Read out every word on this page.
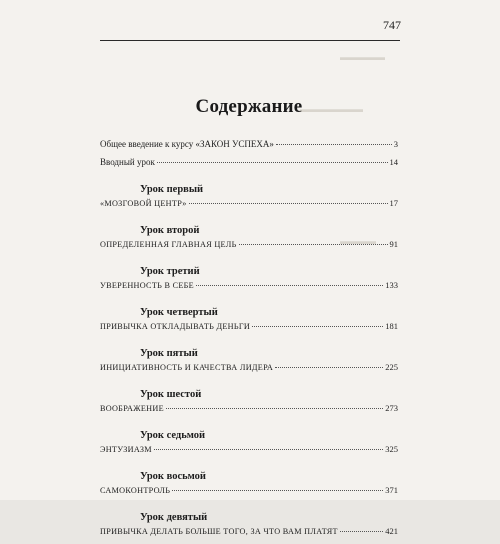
747
▬▬▬▬▬
▬▬▬▬▬▬▬
▬▬▬▬
Содержание
Общее введение к курсу «ЗАКОН УСПЕХА»	3
Вводный урок	14
Урок первый
«МОЗГОВОЙ ЦЕНТР»	17
Урок второй
ОПРЕДЕЛЕННАЯ ГЛАВНАЯ ЦЕЛЬ	91
Урок третий
УВЕРЕННОСТЬ В СЕБЕ	133
Урок четвертый
ПРИВЫЧКА ОТКЛАДЫВАТЬ ДЕНЬГИ	181
Урок пятый
ИНИЦИАТИВНОСТЬ И КАЧЕСТВА ЛИДЕРА	225
Урок шестой
ВООБРАЖЕНИЕ	273
Урок седьмой
ЭНТУЗИАЗМ	325
Урок восьмой
САМОКОНТРОЛЬ	371
Урок девятый
ПРИВЫЧКА ДЕЛАТЬ БОЛЬШЕ ТОГО, ЗА ЧТО ВАМ ПЛАТЯТ	421
